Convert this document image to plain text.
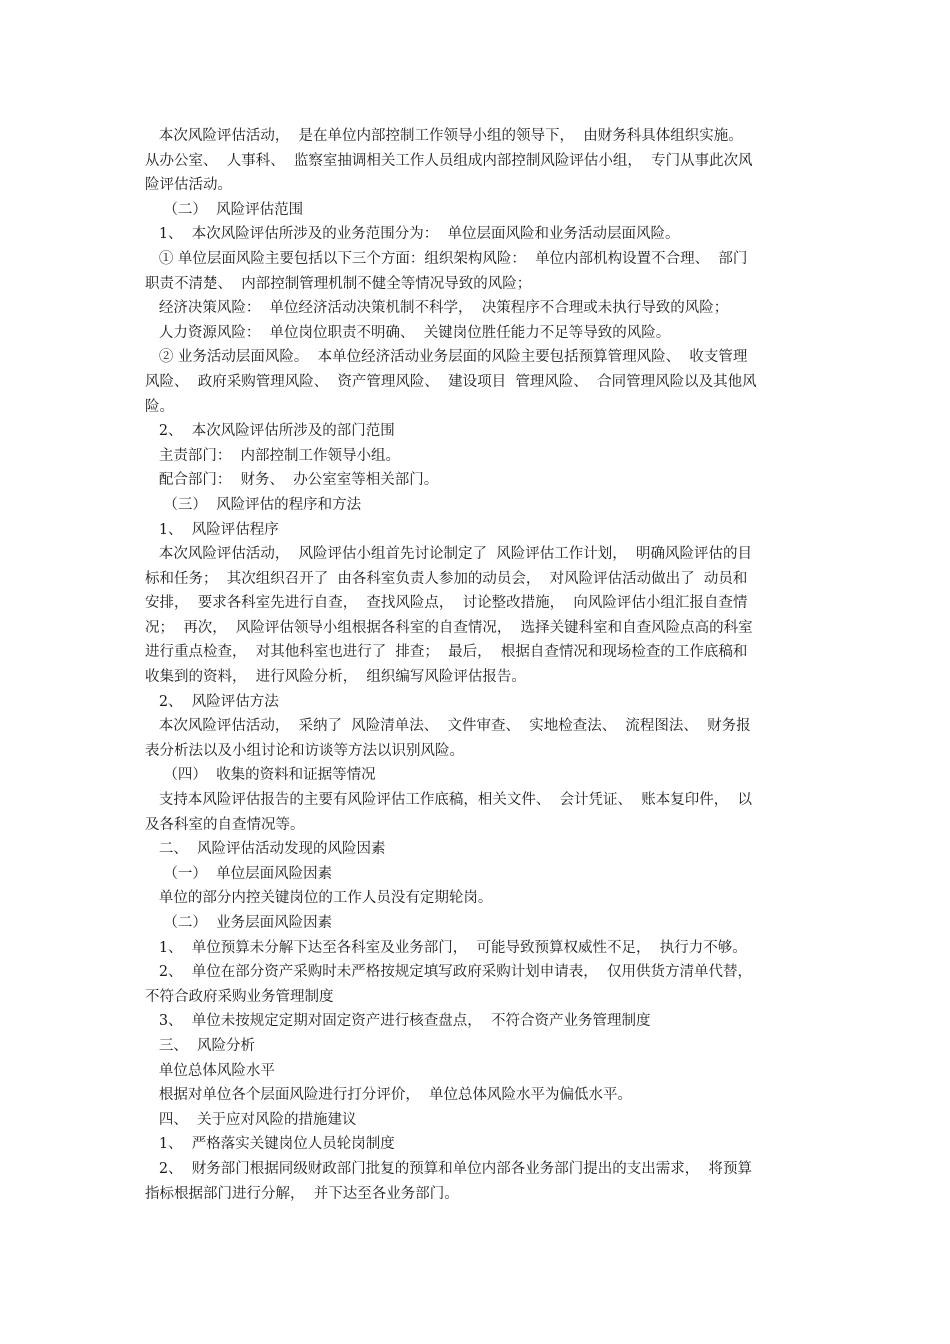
本次风险评估活动，  是在单位内部控制工作领导小组的领导下，  由财务科具体组织实施。
从办公室、  人事科、  监察室抽调相关工作人员组成内部控制风险评估小组，  专门从事此次风
险评估活动。
（二）  风险评估范围
1、  本次风险评估所涉及的业务范围分为：  单位层面风险和业务活动层面风险。
① 单位层面风险主要包括以下三个方面：组织架构风险：  单位内部机构设置不合理、  部门
职责不清楚、  内部控制管理机制不健全等情况导致的风险；
经济决策风险：  单位经济活动决策机制不科学，  决策程序不合理或未执行导致的风险；
人力资源风险：  单位岗位职责不明确、  关键岗位胜任能力不足等导致的风险。
② 业务活动层面风险。  本单位经济活动业务层面的风险主要包括预算管理风险、  收支管理
风险、  政府采购管理风险、  资产管理风险、  建设项目  管理风险、  合同管理风险以及其他风
险。
2、  本次风险评估所涉及的部门范围
主责部门：  内部控制工作领导小组。
配合部门：  财务、  办公室室等相关部门。
（三）  风险评估的程序和方法
1、  风险评估程序
本次风险评估活动，  风险评估小组首先讨论制定了  风险评估工作计划，  明确风险评估的目
标和任务；  其次组织召开了  由各科室负责人参加的动员会，  对风险评估活动做出了  动员和
安排，  要求各科室先进行自查，  查找风险点，  讨论整改措施，  向风险评估小组汇报自查情
况；  再次，  风险评估领导小组根据各科室的自查情况，  选择关键科室和自查风险点高的科室
进行重点检查，  对其他科室也进行了  排查；  最后，  根据自查情况和现场检查的工作底稿和
收集到的资料，  进行风险分析，  组织编写风险评估报告。
2、  风险评估方法
本次风险评估活动，  采纳了  风险清单法、  文件审查、  实地检查法、  流程图法、  财务报
表分析法以及小组讨论和访谈等方法以识别风险。
（四）  收集的资料和证据等情况
支持本风险评估报告的主要有风险评估工作底稿，相关文件、  会计凭证、  账本复印件，  以
及各科室的自查情况等。
二、  风险评估活动发现的风险因素
（一）  单位层面风险因素
单位的部分内控关键岗位的工作人员没有定期轮岗。
（二）  业务层面风险因素
1、  单位预算未分解下达至各科室及业务部门，  可能导致预算权威性不足，  执行力不够。
2、  单位在部分资产采购时未严格按规定填写政府采购计划申请表，  仅用供货方清单代替，
不符合政府采购业务管理制度
3、  单位未按规定定期对固定资产进行核查盘点，  不符合资产业务管理制度
三、  风险分析
单位总体风险水平
根据对单位各个层面风险进行打分评价，  单位总体风险水平为偏低水平。
四、  关于应对风险的措施建议
1、  严格落实关键岗位人员轮岗制度
2、  财务部门根据同级财政部门批复的预算和单位内部各业务部门提出的支出需求，  将预算
指标根据部门进行分解，  并下达至各业务部门。
